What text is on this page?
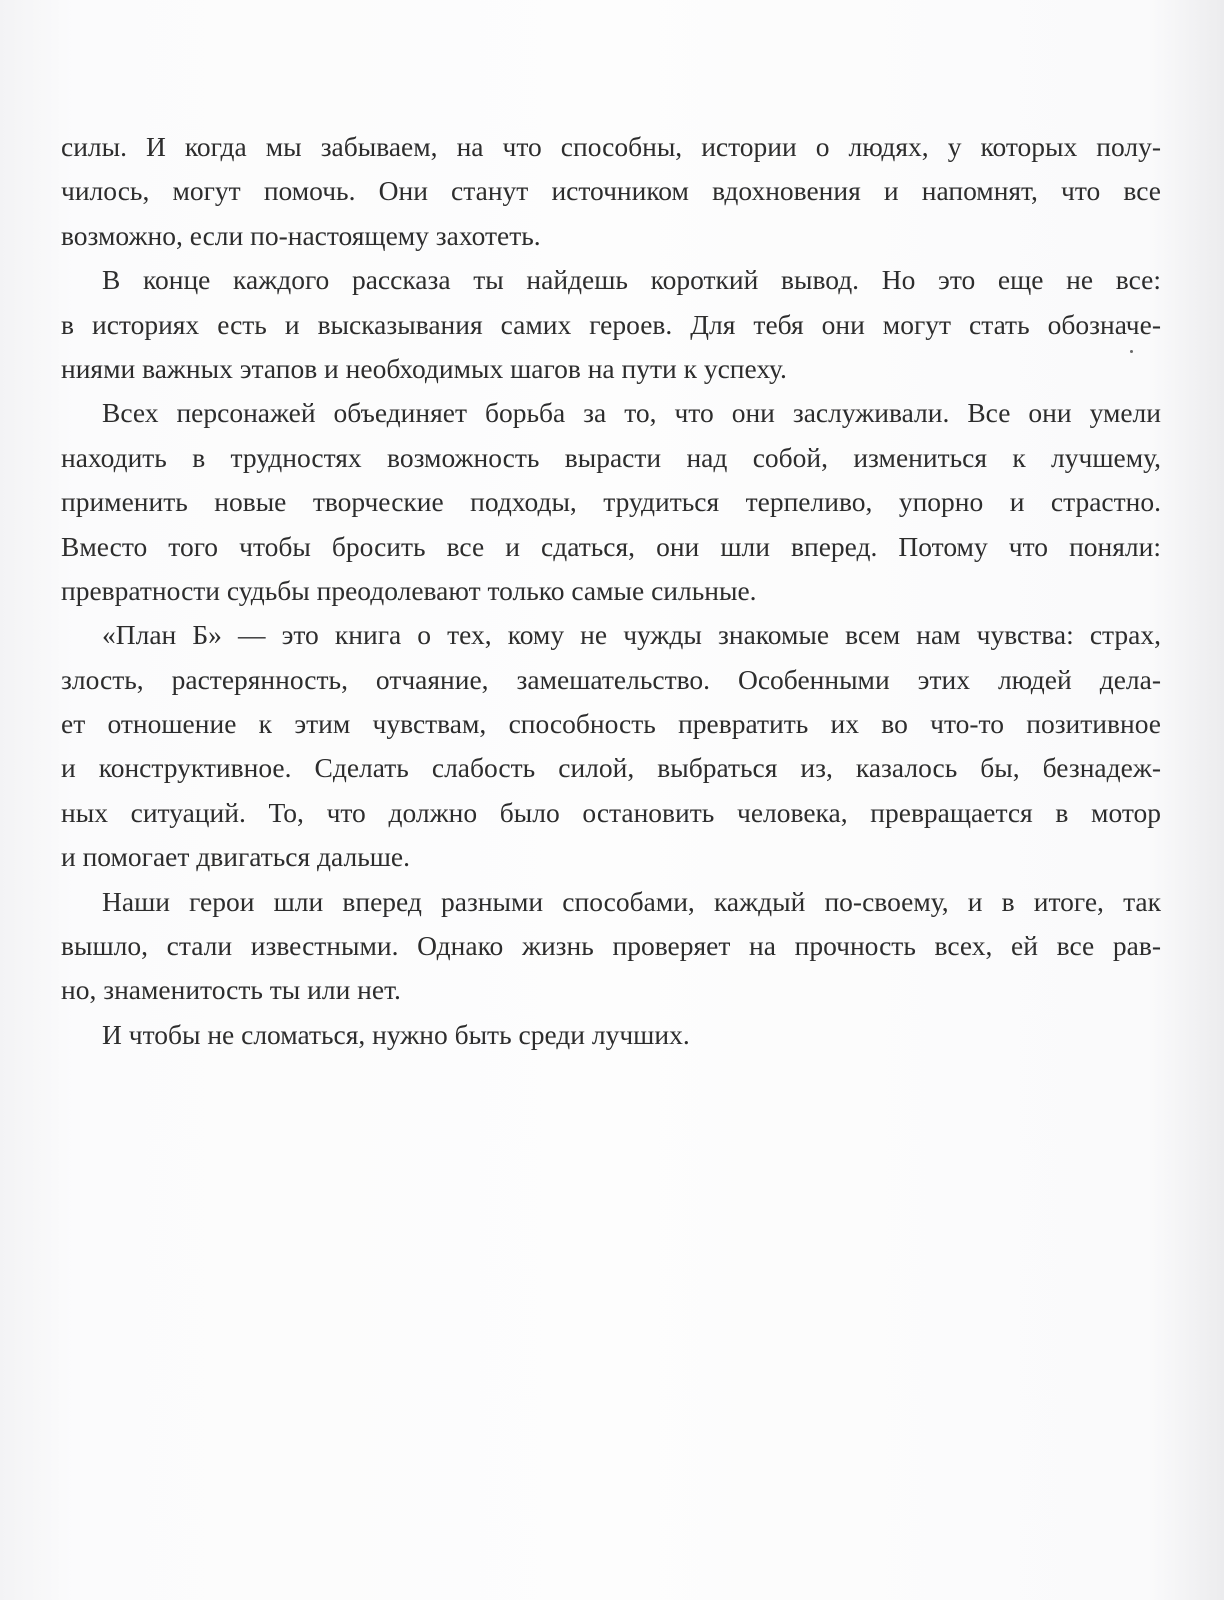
силы. И когда мы забываем, на что способны, истории о людях, у которых полу-
чилось, могут помочь. Они станут источником вдохновения и напомнят, что все
возможно, если по-настоящему захотеть.
В конце каждого рассказа ты найдешь короткий вывод. Но это еще не все:
в историях есть и высказывания самих героев. Для тебя они могут стать обозначе-
ниями важных этапов и необходимых шагов на пути к успеху.
Всех персонажей объединяет борьба за то, что они заслуживали. Все они умели
находить в трудностях возможность вырасти над собой, измениться к лучшему,
применить новые творческие подходы, трудиться терпеливо, упорно и страстно.
Вместо того чтобы бросить все и сдаться, они шли вперед. Потому что поняли:
превратности судьбы преодолевают только самые сильные.
«План Б» — это книга о тех, кому не чужды знакомые всем нам чувства: страх,
злость, растерянность, отчаяние, замешательство. Особенными этих людей дела-
ет отношение к этим чувствам, способность превратить их во что-то позитивное
и конструктивное. Сделать слабость силой, выбраться из, казалось бы, безнадеж-
ных ситуаций. То, что должно было остановить человека, превращается в мотор
и помогает двигаться дальше.
Наши герои шли вперед разными способами, каждый по-своему, и в итоге, так
вышло, стали известными. Однако жизнь проверяет на прочность всех, ей все рав-
но, знаменитость ты или нет.
И чтобы не сломаться, нужно быть среди лучших.
